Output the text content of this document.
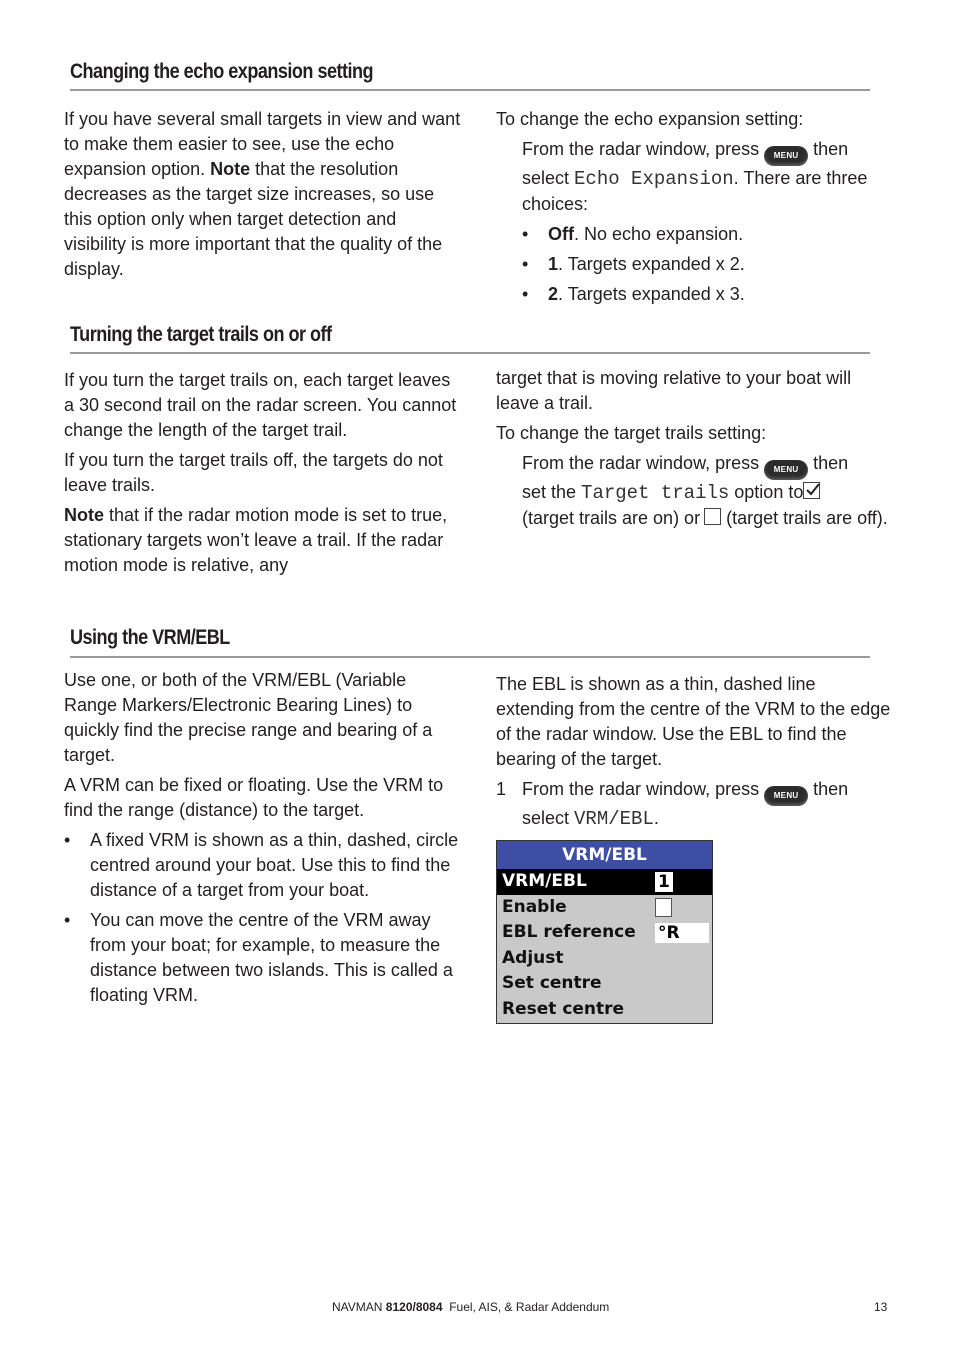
Changing the echo expansion setting

If you have several small targets in view and want to make them easier to see, use the echo expansion option. Note that the resolution decreases as the target size increases, so use this option only when target detection and visibility is more important that the quality of the display.

To change the echo expansion setting:

From the radar window, press MENU then select Echo Expansion. There are three choices:

• Off. No echo expansion.
• 1. Targets expanded x 2.
• 2. Targets expanded x 3.
Turning the target trails on or off

If you turn the target trails on, each target leaves a 30 second trail on the radar screen. You cannot change the length of the target trail.

If you turn the target trails off, the targets do not leave trails.

Note that if the radar motion mode is set to true, stationary targets won’t leave a trail. If the radar motion mode is relative, any

target that is moving relative to your boat will leave a trail.

To change the target trails setting:

From the radar window, press MENU then
set the Target trails option to

(target trails are on) or (target trails are off).

Using the VRM/EBL

Use one, or both of the VRM/EBL (Variable Range Markers/Electronic Bearing Lines) to quickly find the precise range and bearing of a target.

A VRM can be fixed or floating. Use the VRM to find the range (distance) to the target.

• A fixed VRM is shown as a thin, dashed, circle centred around your boat. Use this to find the distance of a target from your boat.
• You can move the centre of the VRM away from your boat; for example, to measure the distance between two islands. This is called a floating VRM.

The EBL is shown as a thin, dashed line extending from the centre of the VRM to the edge of the radar window. Use the EBL to find the bearing of the target.

1 From the radar window, press MENU then select VRM/EBL.

VRM/EBL
VRM/EBL	1
Enable
EBL reference °R
Adjust
Set centre
Reset centre
NAVMAN 8120/8084  Fuel, AIS, & Radar Addendum	13
